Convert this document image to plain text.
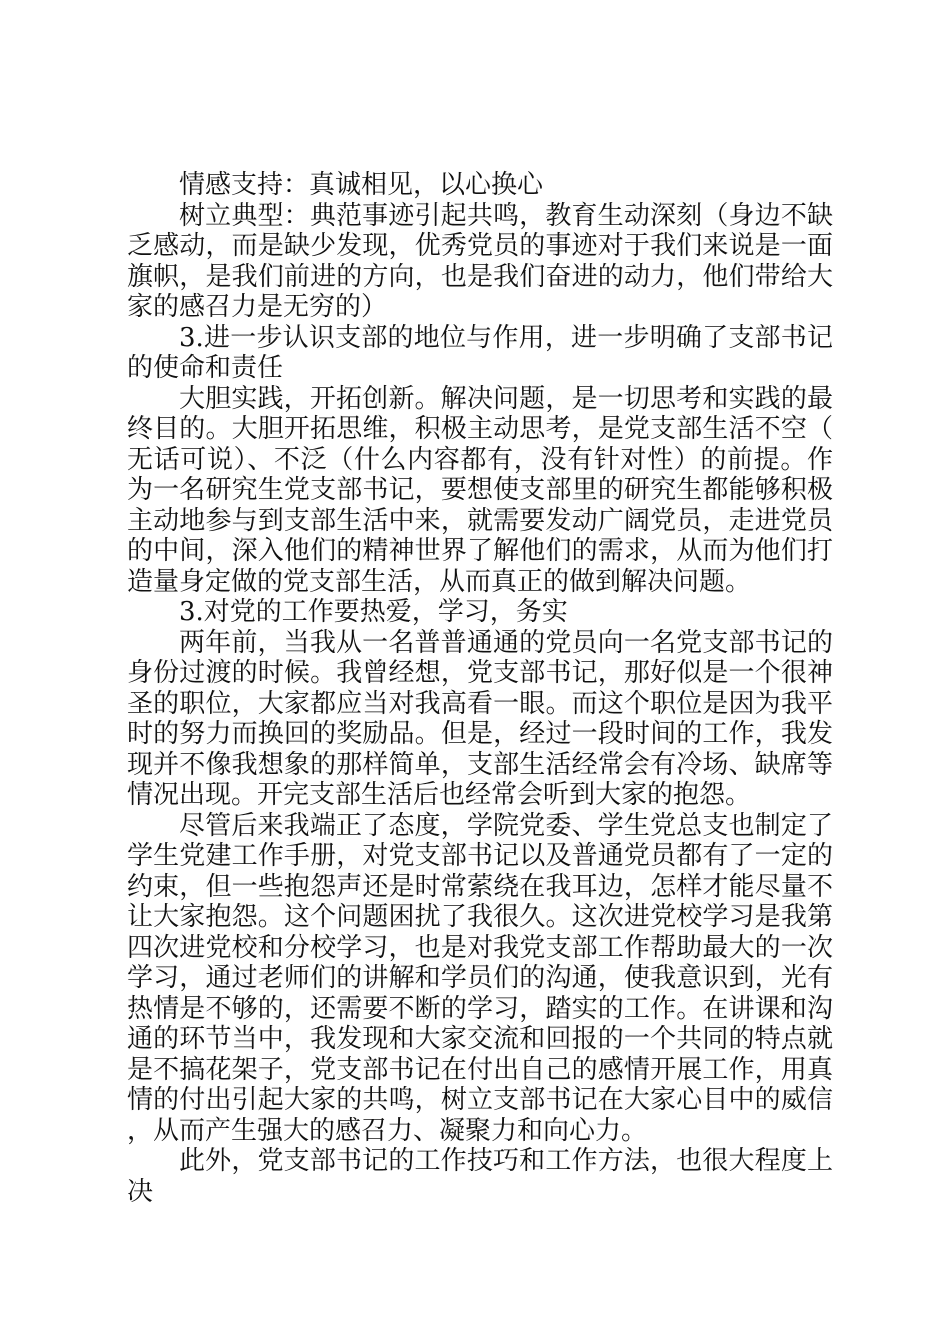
情感支持：真诚相见，以心换心

树立典型：典范事迹引起共鸣，教育生动深刻（身边不缺乏感动，而是缺少发现，优秀党员的事迹对于我们来说是一面旗帜，是我们前进的方向，也是我们奋进的动力，他们带给大家的感召力是无穷的）

3.进一步认识支部的地位与作用，进一步明确了支部书记的使命和责任

大胆实践，开拓创新。解决问题，是一切思考和实践的最终目的。大胆开拓思维，积极主动思考，是党支部生活不空（无话可说）、不泛（什么内容都有，没有针对性）的前提。作为一名研究生党支部书记，要想使支部里的研究生都能够积极主动地参与到支部生活中来，就需要发动广阔党员，走进党员的中间，深入他们的精神世界了解他们的需求，从而为他们打造量身定做的党支部生活，从而真正的做到解决问题。

3.对党的工作要热爱，学习，务实

两年前，当我从一名普普通通的党员向一名党支部书记的身份过渡的时候。我曾经想，党支部书记，那好似是一个很神圣的职位，大家都应当对我高看一眼。而这个职位是因为我平时的努力而换回的奖励品。但是，经过一段时间的工作，我发现并不像我想象的那样简单，支部生活经常会有冷场、缺席等情况出现。开完支部生活后也经常会听到大家的抱怨。

尽管后来我端正了态度，学院党委、学生党总支也制定了学生党建工作手册，对党支部书记以及普通党员都有了一定的约束，但一些抱怨声还是时常萦绕在我耳边，怎样才能尽量不让大家抱怨。这个问题困扰了我很久。这次进党校学习是我第四次进党校和分校学习，也是对我党支部工作帮助最大的一次学习，通过老师们的讲解和学员们的沟通，使我意识到，光有热情是不够的，还需要不断的学习，踏实的工作。在讲课和沟通的环节当中，我发现和大家交流和回报的一个共同的特点就是不搞花架子，党支部书记在付出自己的感情开展工作，用真情的付出引起大家的共鸣，树立支部书记在大家心目中的威信，从而产生强大的感召力、凝聚力和向心力。

此外，党支部书记的工作技巧和工作方法，也很大程度上决
